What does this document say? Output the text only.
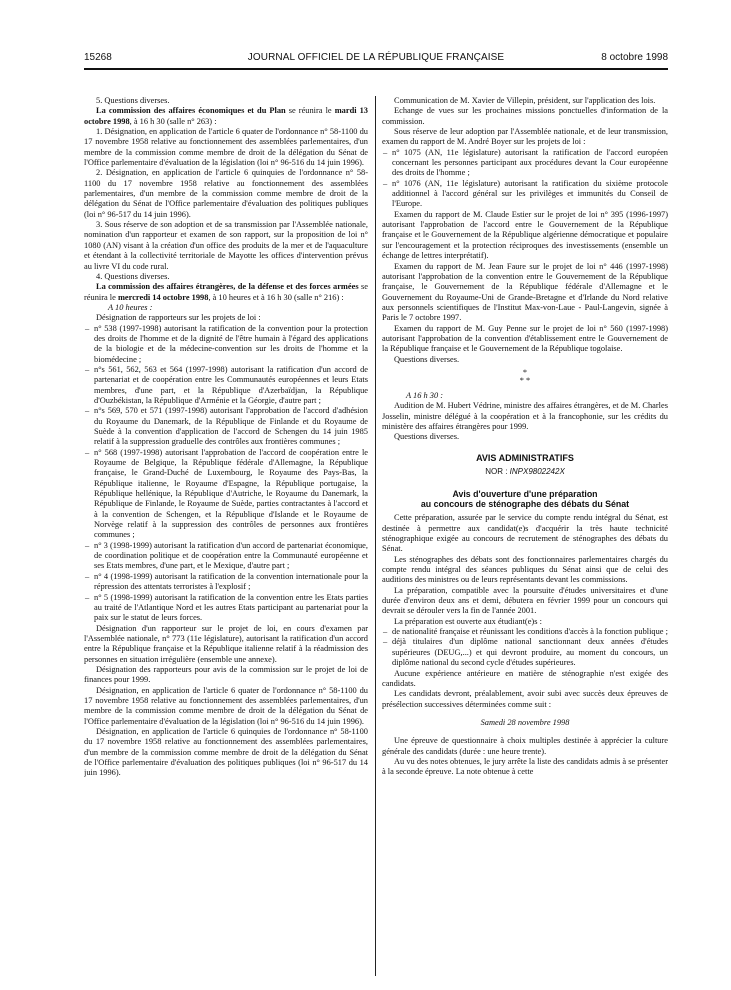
15268	JOURNAL OFFICIEL DE LA RÉPUBLIQUE FRANÇAISE	8 octobre 1998

5. Questions diverses.

La commission des affaires économiques et du Plan se réunira le mardi 13 octobre 1998, à 16 h 30 (salle n° 263) :

1. Désignation, en application de l'article 6 quater de l'ordonnance n° 58-1100 du 17 novembre 1958 relative au fonctionnement des assemblées parlementaires, d'un membre de la commission comme membre de droit de la délégation du Sénat de l'Office parlementaire d'évaluation de la législation (loi n° 96-516 du 14 juin 1996).

2. Désignation, en application de l'article 6 quinquies de l'ordonnance n° 58-1100 du 17 novembre 1958 relative au fonctionnement des assemblées parlementaires, d'un membre de la commission comme membre de droit de la délégation du Sénat de l'Office parlementaire d'évaluation des politiques publiques (loi n° 96-517 du 14 juin 1996).

3. Sous réserve de son adoption et de sa transmission par l'Assemblée nationale, nomination d'un rapporteur et examen de son rapport, sur la proposition de loi n° 1080 (AN) visant à la création d'un office des produits de la mer et de l'aquaculture et étendant à la collectivité territoriale de Mayotte les offices d'intervention prévus au livre VI du code rural.

4. Questions diverses.

La commission des affaires étrangères, de la défense et des forces armées se réunira le mercredi 14 octobre 1998, à 10 heures et à 16 h 30 (salle n° 216) :

A 10 heures :

Désignation de rapporteurs sur les projets de loi :

– n° 538 (1997-1998) autorisant la ratification de la convention pour la protection des droits de l'homme et de la dignité de l'être humain à l'égard des applications de la biologie et de la médecine-convention sur les droits de l'homme et la biomédecine ;

– n°s 561, 562, 563 et 564 (1997-1998) autorisant la ratification d'un accord de partenariat et de coopération entre les Communautés européennes et leurs Etats membres, d'une part, et la République d'Azerbaïdjan, la République d'Ouzbékistan, la République d'Arménie et la Géorgie, d'autre part ;

– n°s 569, 570 et 571 (1997-1998) autorisant l'approbation de l'accord d'adhésion du Royaume du Danemark, de la République de Finlande et du Royaume de Suède à la convention d'application de l'accord de Schengen du 14 juin 1985 relatif à la suppression graduelle des contrôles aux frontières communes ;

– n° 568 (1997-1998) autorisant l'approbation de l'accord de coopération entre le Royaume de Belgique, la République fédérale d'Allemagne, la République française, le Grand-Duché de Luxembourg, le Royaume des Pays-Bas, la République italienne, le Royaume d'Espagne, la République portugaise, la République hellénique, la République d'Autriche, le Royaume du Danemark, la République de Finlande, le Royaume de Suède, parties contractantes à l'accord et à la convention de Schengen, et la République d'Islande et le Royaume de Norvège relatif à la suppression des contrôles de personnes aux frontières communes ;

– n° 3 (1998-1999) autorisant la ratification d'un accord de partenariat économique, de coordination politique et de coopération entre la Communauté européenne et ses Etats membres, d'une part, et le Mexique, d'autre part ;

– n° 4 (1998-1999) autorisant la ratification de la convention internationale pour la répression des attentats terroristes à l'explosif ;

– n° 5 (1998-1999) autorisant la ratification de la convention entre les Etats parties au traité de l'Atlantique Nord et les autres Etats participant au partenariat pour la paix sur le statut de leurs forces.

Désignation d'un rapporteur sur le projet de loi, en cours d'examen par l'Assemblée nationale, n° 773 (11e législature), autorisant la ratification d'un accord entre la République française et la République italienne relatif à la réadmission des personnes en situation irrégulière (ensemble une annexe).

Désignation des rapporteurs pour avis de la commission sur le projet de loi de finances pour 1999.

Désignation, en application de l'article 6 quater de l'ordonnance n° 58-1100 du 17 novembre 1958 relative au fonctionnement des assemblées parlementaires, d'un membre de la commission comme membre de droit de la délégation du Sénat de l'Office parlementaire d'évaluation de la législation (loi n° 96-516 du 14 juin 1996).

Désignation, en application de l'article 6 quinquies de l'ordonnance n° 58-1100 du 17 novembre 1958 relative au fonctionnement des assemblées parlementaires, d'un membre de la commission comme membre de droit de la délégation du Sénat de l'Office parlementaire d'évaluation des politiques publiques (loi n° 96-517 du 14 juin 1996).

Communication de M. Xavier de Villepin, président, sur l'application des lois.

Echange de vues sur les prochaines missions ponctuelles d'information de la commission.

Sous réserve de leur adoption par l'Assemblée nationale, et de leur transmission, examen du rapport de M. André Boyer sur les projets de loi :

– n° 1075 (AN, 11e législature) autorisant la ratification de l'accord européen concernant les personnes participant aux procédures devant la Cour européenne des droits de l'homme ;

– n° 1076 (AN, 11e législature) autorisant la ratification du sixième protocole additionnel à l'accord général sur les privilèges et immunités du Conseil de l'Europe.

Examen du rapport de M. Claude Estier sur le projet de loi n° 395 (1996-1997) autorisant l'approbation de l'accord entre le Gouvernement de la République française et le Gouvernement de la République algérienne démocratique et populaire sur l'encouragement et la protection réciproques des investissements (ensemble un échange de lettres interprétatif).

Examen du rapport de M. Jean Faure sur le projet de loi n° 446 (1997-1998) autorisant l'approbation de la convention entre le Gouvernement de la République française, le Gouvernement de la République fédérale d'Allemagne et le Gouvernement du Royaume-Uni de Grande-Bretagne et d'Irlande du Nord relative aux personnels scientifiques de l'Institut Max-von-Laue - Paul-Langevin, signée à Paris le 7 octobre 1997.

Examen du rapport de M. Guy Penne sur le projet de loi n° 560 (1997-1998) autorisant l'approbation de la convention d'établissement entre le Gouvernement de la République française et le Gouvernement de la République togolaise.

Questions diverses.

*
* *

A 16 h 30 :

Audition de M. Hubert Védrine, ministre des affaires étrangères, et de M. Charles Josselin, ministre délégué à la coopération et à la francophonie, sur les crédits du ministère des affaires étrangères pour 1999.

Questions diverses.

AVIS ADMINISTRATIFS

NOR : INPX9802242X

Avis d'ouverture d'une préparation
au concours de sténographe des débats du Sénat

Cette préparation, assurée par le service du compte rendu intégral du Sénat, est destinée à permettre aux candidat(e)s d'acquérir la très haute technicité sténographique exigée au concours de recrutement de sténographes des débats du Sénat.

Les sténographes des débats sont des fonctionnaires parlementaires chargés du compte rendu intégral des séances publiques du Sénat ainsi que de celui des auditions des ministres ou de leurs représentants devant les commissions.

La préparation, compatible avec la poursuite d'études universitaires et d'une durée d'environ deux ans et demi, débutera en février 1999 pour un concours qui devrait se dérouler vers la fin de l'année 2001.

La préparation est ouverte aux étudiant(e)s :

– de nationalité française et réunissant les conditions d'accès à la fonction publique ;

– déjà titulaires d'un diplôme national sanctionnant deux années d'études supérieures (DEUG,...) et qui devront produire, au moment du concours, un diplôme national du second cycle d'études supérieures.

Aucune expérience antérieure en matière de sténographie n'est exigée des candidats.

Les candidats devront, préalablement, avoir subi avec succès deux épreuves de présélection successives déterminées comme suit :

Samedi 28 novembre 1998

Une épreuve de questionnaire à choix multiples destinée à apprécier la culture générale des candidats (durée : une heure trente).

Au vu des notes obtenues, le jury arrête la liste des candidats admis à se présenter à la seconde épreuve. La note obtenue à cette
